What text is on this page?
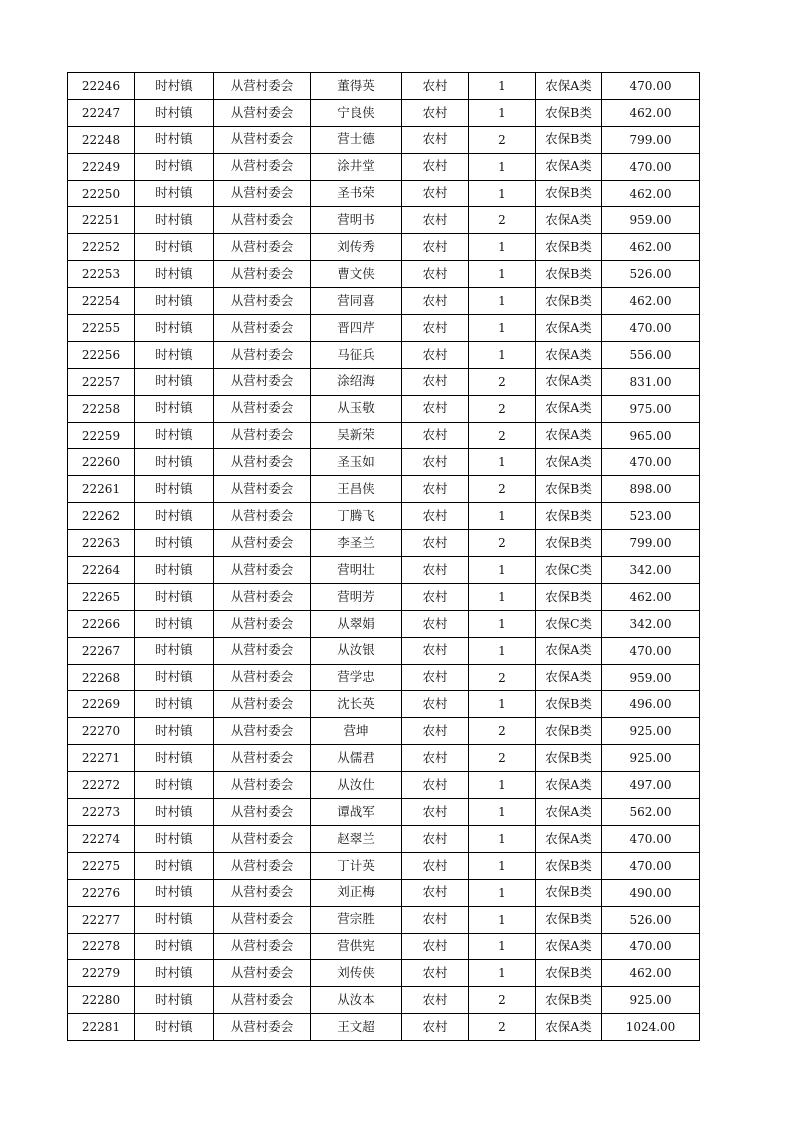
22246	时村镇	从营村委会	董得英	农村	1	农保A类	470.00
22247	时村镇	从营村委会	宁良侠	农村	1	农保B类	462.00
22248	时村镇	从营村委会	营士德	农村	2	农保B类	799.00
22249	时村镇	从营村委会	涂井堂	农村	1	农保A类	470.00
22250	时村镇	从营村委会	圣书荣	农村	1	农保B类	462.00
22251	时村镇	从营村委会	营明书	农村	2	农保A类	959.00
22252	时村镇	从营村委会	刘传秀	农村	1	农保B类	462.00
22253	时村镇	从营村委会	曹文侠	农村	1	农保B类	526.00
22254	时村镇	从营村委会	营同喜	农村	1	农保B类	462.00
22255	时村镇	从营村委会	晋四芹	农村	1	农保A类	470.00
22256	时村镇	从营村委会	马征兵	农村	1	农保A类	556.00
22257	时村镇	从营村委会	涂绍海	农村	2	农保A类	831.00
22258	时村镇	从营村委会	从玉敬	农村	2	农保A类	975.00
22259	时村镇	从营村委会	吴新荣	农村	2	农保A类	965.00
22260	时村镇	从营村委会	圣玉如	农村	1	农保A类	470.00
22261	时村镇	从营村委会	王昌侠	农村	2	农保B类	898.00
22262	时村镇	从营村委会	丁腾飞	农村	1	农保B类	523.00
22263	时村镇	从营村委会	李圣兰	农村	2	农保B类	799.00
22264	时村镇	从营村委会	营明壮	农村	1	农保C类	342.00
22265	时村镇	从营村委会	营明芳	农村	1	农保B类	462.00
22266	时村镇	从营村委会	从翠娟	农村	1	农保C类	342.00
22267	时村镇	从营村委会	从汝银	农村	1	农保A类	470.00
22268	时村镇	从营村委会	营学忠	农村	2	农保A类	959.00
22269	时村镇	从营村委会	沈长英	农村	1	农保B类	496.00
22270	时村镇	从营村委会	营坤	农村	2	农保B类	925.00
22271	时村镇	从营村委会	从儒君	农村	2	农保B类	925.00
22272	时村镇	从营村委会	从汝仕	农村	1	农保A类	497.00
22273	时村镇	从营村委会	谭战军	农村	1	农保A类	562.00
22274	时村镇	从营村委会	赵翠兰	农村	1	农保A类	470.00
22275	时村镇	从营村委会	丁计英	农村	1	农保B类	470.00
22276	时村镇	从营村委会	刘正梅	农村	1	农保B类	490.00
22277	时村镇	从营村委会	营宗胜	农村	1	农保B类	526.00
22278	时村镇	从营村委会	营供宪	农村	1	农保A类	470.00
22279	时村镇	从营村委会	刘传侠	农村	1	农保B类	462.00
22280	时村镇	从营村委会	从汝本	农村	2	农保B类	925.00
22281	时村镇	从营村委会	王文超	农村	2	农保A类	1024.00
